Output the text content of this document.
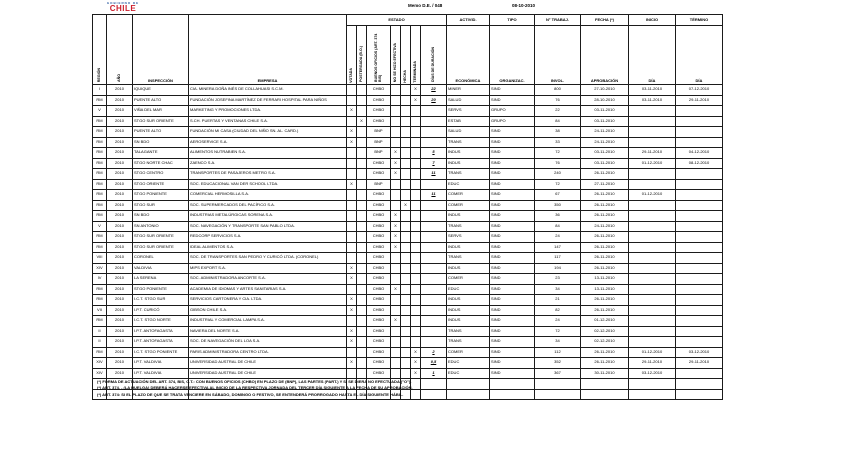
GOBIERNO DE
CHILE	Memo D.E. / 048	08-10-2010
REGIÓN	AÑO	INSPECCIÓN	EMPRESA	ESTADO							ACTIVID.	TIPO	N° TRABAJ.	FECHA (*)	INICIO	TÉRMINO
				VOTADA	POSTERGADA (B.O.)	BUENOS OFICIOS (ART. 374 BIS)	NO SE HIZO EFECTIVA	HECHA	TERMINADA	DÍAS DE DURACIÓN	ECONÓMICA	ORGANIZAC.	INVOL.	APROBACIÓN	DÍA	DÍA
I	2010	IQUIQUE	CIA. MINERA DOÑA INÉS DE COLLAHUASI S.C.M.			CHBO			X	22	MINER	SIND	800	27-10-2010	03-11-2010	07-12-2010
RM	2010	PUENTE ALTO	FUNDACIÓN JOSEFINA MARTÍNEZ DE FERRARI HOSPITAL PARA NIÑOS			CHBO			X	20	SALUD	SIND	76	28-10-2010	03-11-2010	29-11-2010
V	2010	VIÑA DEL MAR	MARKETING Y PROMOCIONES LTDA.	X		CHBO					SERVS	GRUPO	22	03-11-2010		
RM	2010	STGO SUR ORIENTE	S.CH. PUERTAS Y VENTANAS CHILE S.A.		X	CHBO					ESTAB	GRUPO	84	03-11-2010		
RM	2010	PUENTE ALTO	FUNDACIÓN MI CASA (CIUDAD DEL NIÑO SN. AL. CARD.)	X		BNP					SALUD	SIND	38	24-11-2010		
RM	2010	SN BDO	AEROSERVICE S.A.	X		BNP					TRANS	SIND	33	24-11-2010		
RM	2010	TALAGANTE	ALIMENTOS NUTRABIEN S.A.			BNP	X			5	INDUS	SIND	72	03-11-2010	29-11-2010	04-12-2010
RM	2010	STGO NORTE CHAC	ZAENCO S.A.			CHBO	X			7	INDUS	SIND	76	03-11-2010	01-12-2010	08-12-2010
RM	2010	STGO CENTRO	TRANSPORTES DE PASAJEROS METRO S.A.			CHBO	X			11	TRANS	SIND	240	26-11-2010		
RM	2010	STGO ORIENTE	SOC. EDUCACIONAL VAN DER SCHOOL LTDA.	X		BNP					EDUC	SIND	72	27-11-2010		
RM	2010	STGO PONIENTE	COMERCIAL HERMOSILLA S.A.			CHBO				11	COMER	SIND	67	26-11-2010	01-12-2010	
RM	2010	STGO SUR	SOC. SUPERMERCADOS DEL PACÍFICO S.A.			CHBO		X			COMER	SIND	350	26-11-2010		
RM	2010	SN BDO	INDUSTRIAS METALÚRGICAS SORENA S.A.			CHBO	X				INDUS	SIND	36	26-11-2010		
V	2010	SN ANTONIO	SOC. NAVEGACIÓN Y TRANSPORTE SAN PABLO LTDA.			CHBO	X				TRANS	SIND	84	24-11-2010		
RM	2010	STGO SUR ORIENTE	REDCORP SERVICIOS S.A.			CHBO	X				SERVS	SIND	24	26-11-2010		
RM	2010	STGO SUR ORIENTE	IDEAL ALIMENTOS S.A.			CHBO	X				INDUS	SIND	147	26-11-2010		
VIII	2010	CORONEL	SOC. DE TRANSPORTES SAN PEDRO Y CURICÓ LTDA. (CORONEL)			CHBO					TRANS	SIND	117	26-11-2010		
XIV	2010	VALDIVIA	MIPS EXPORT S.A.	X		CHBO					INDUS	SIND	194	26-11-2010		
IV	2010	LA SERENA	SOC. ADMINISTRADORA ANCORTE S.A.	X		CHBO					COMER	SIND	23	13-11-2010		
RM	2010	STGO PONIENTE	ACADEMIA DE IDIOMAS Y ARTES SANITARIAS S.A.			CHBO	X				EDUC	SIND	34	13-11-2010		
RM	2010	I.C.T. STGO SUR	SERVICIOS CARTONERA Y CIA. LTDA.	X		CHBO					INDUS	SIND	21	26-11-2010		
VII	2010	I.P.T. CURICÓ	GIBSON CHILE S.A.	X		CHBO					INDUS	SIND	82	26-11-2010		
RM	2010	I.C.T. STGO NORTE	INDUSTRIAL Y COMERCIAL LAMPA S.A.			CHBO	X				INDUS	SIND	24	01-12-2010		
II	2010	I.P.T. ANTOFAGASTA	NAVIERA DEL NORTE S.A.	X		CHBO					TRANS	SIND	72	02-12-2010		
II	2010	I.P.T. ANTOFAGASTA	SOC. DE NAVEGACIÓN DEL LOA S.A.	X		CHBO					TRANS	SIND	34	02-12-2010		
RM	2010	I.C.T. STGO PONIENTE	PARIS ADMINISTRADORA CENTRO LTDA.			CHBO			X	2	COMER	SIND	112	26-11-2010	01-12-2010	03-12-2010
XIV	2010	I.P.T. VALDIVIA	UNIVERSIDAD AUSTRAL DE CHILE	X		CHBO			X	0,5	EDUC	SIND	352	26-11-2010	29-11-2010	29-11-2010
XIV	2010	I.P.T. VALDIVIA	UNIVERSIDAD AUSTRAL DE CHILE			CHBO			X	1	EDUC	SIND	367	30-11-2010	03-12-2010	

(*) FORMA DE ACTUACIÓN DEL ART. 374, BIS, C.T.: CON BUENOS OFICIOS (CHBO) EN PLAZO DE (BNP), LAS PARTES (PART.) Y SI SE DIERA NO EFECTUADA ("O").
(*) ART. 374. - (LA HUELGA) DEBERÁ HACERSE EFECTIVA AL INICIO DE LA RESPECTIVA JORNADA DEL TERCER DÍA SIGUIENTE A LA FECHA DE SU APROBACIÓN.
(*) ART. 374: SI EL PLAZO DE QUE SE TRATA VENCIERE EN SÁBADO, DOMINGO O FESTIVO, SE ENTENDERÁ PRORROGADO HASTA EL DÍA SIGUIENTE HÁBIL.
